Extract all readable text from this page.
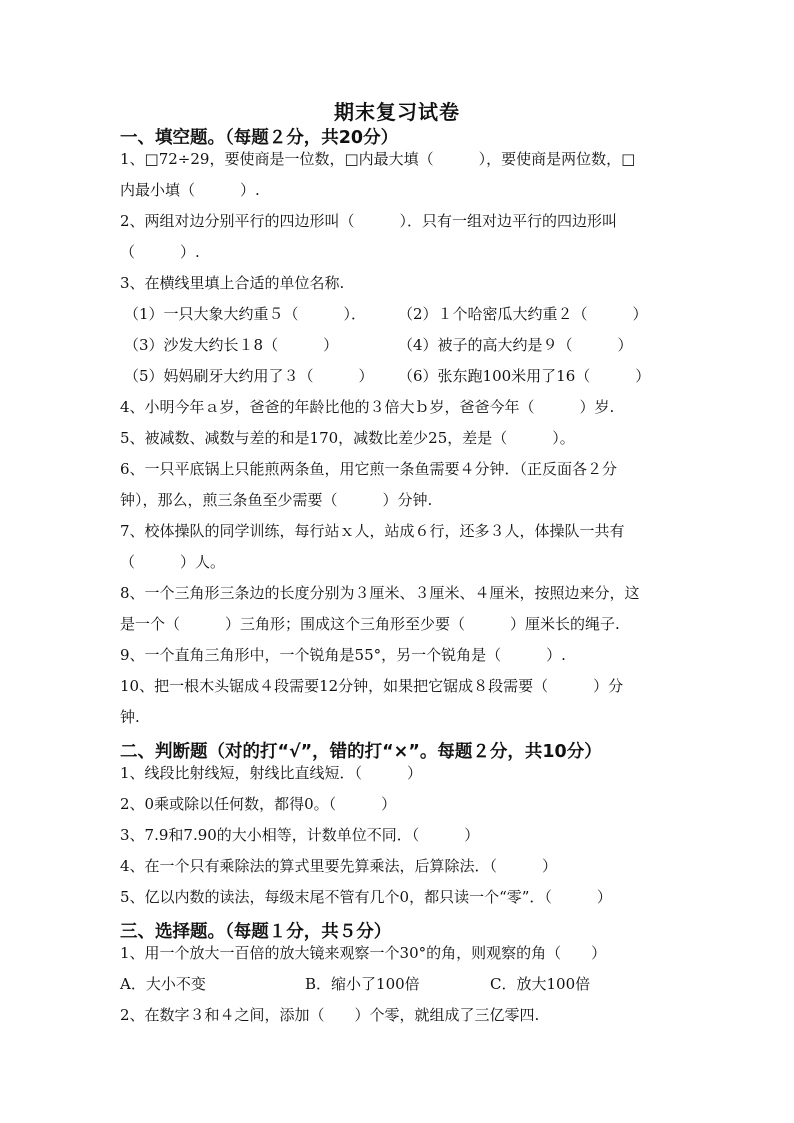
期末复习试卷
一、填空题。（每题２分，共20分）
1、□72÷29，要使商是一位数，□内最大填（　　　），要使商是两位数，□
内最小填（　　　）.
2、两组对边分别平行的四边形叫（　　　）．只有一组对边平行的四边形叫
（　　　）.
3、在横线里填上合适的单位名称.
（1）一只大象大约重５（　　　）． （2）１个哈密瓜大约重２（　　　）
（3）沙发大约长１8（　　　）	（4）被子的高大约是９（　　　）
（5）妈妈刷牙大约用了３（　　　） （6）张东跑100米用了16（　　　）
4、小明今年ａ岁，爸爸的年龄比他的３倍大ｂ岁，爸爸今年（　　　）岁.
5、被减数、减数与差的和是170，减数比差少25，差是（　　　）。
6、一只平底锅上只能煎两条鱼，用它煎一条鱼需要４分钟．（正反面各２分
钟），那么，煎三条鱼至少需要（　　　）分钟.
7、校体操队的同学训练，每行站ｘ人，站成６行，还多３人，体操队一共有
（　　　）人。
8、一个三角形三条边的长度分别为３厘米、３厘米、４厘米，按照边来分，这
是一个（　　　）三角形；围成这个三角形至少要（　　　）厘米长的绳子.
9、一个直角三角形中，一个锐角是55°，另一个锐角是（　　　）.
10、把一根木头锯成４段需要12分钟，如果把它锯成８段需要（　　　）分
钟.
二、判断题（对的打“√”，错的打“×”。每题２分，共10分）
1、线段比射线短，射线比直线短．（　　　）
2、0乘或除以任何数，都得0。（　　　）
3、7.9和7.90的大小相等，计数单位不同．（　　　）
4、在一个只有乘除法的算式里要先算乘法，后算除法．（　　　）
5、亿以内数的读法，每级末尾不管有几个0，都只读一个“零”．（　　　）
三、选择题。（每题１分，共５分）
1、用一个放大一百倍的放大镜来观察一个30°的角，则观察的角（　　）
A．大小不变	B．缩小了100倍	C．放大100倍
2、在数字３和４之间，添加（　　）个零，就组成了三亿零四.
